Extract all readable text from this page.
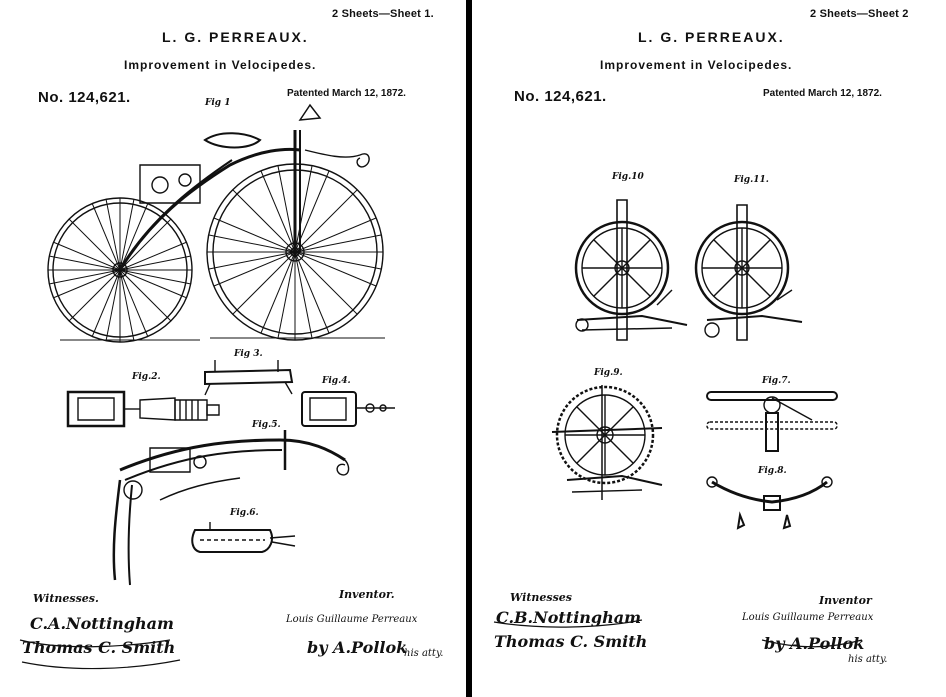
2 Sheets—Sheet 1.
L. G. PERREAUX.
Improvement in Velocipedes.
No. 124,621.	Patented March 12, 1872.
Fig 1
Fig.2.
Fig 3.
Fig.4.
Fig.5.
Fig.6.
Witnesses.
C.A.Nottingham
Thomas C. Smith
Inventor.
Louis Guillaume Perreaux
by A.Pollok
his atty.
2 Sheets—Sheet 2
L. G. PERREAUX.
Improvement in Velocipedes.
No. 124,621.	Patented March 12, 1872.
Fig.10	Fig.11.
Fig.9.
Fig.7.
Fig.8.
Witnesses
C.B.Nottingham
Thomas C. Smith
Inventor
Louis Guillaume Perreaux
by A.Pollok
his atty.
